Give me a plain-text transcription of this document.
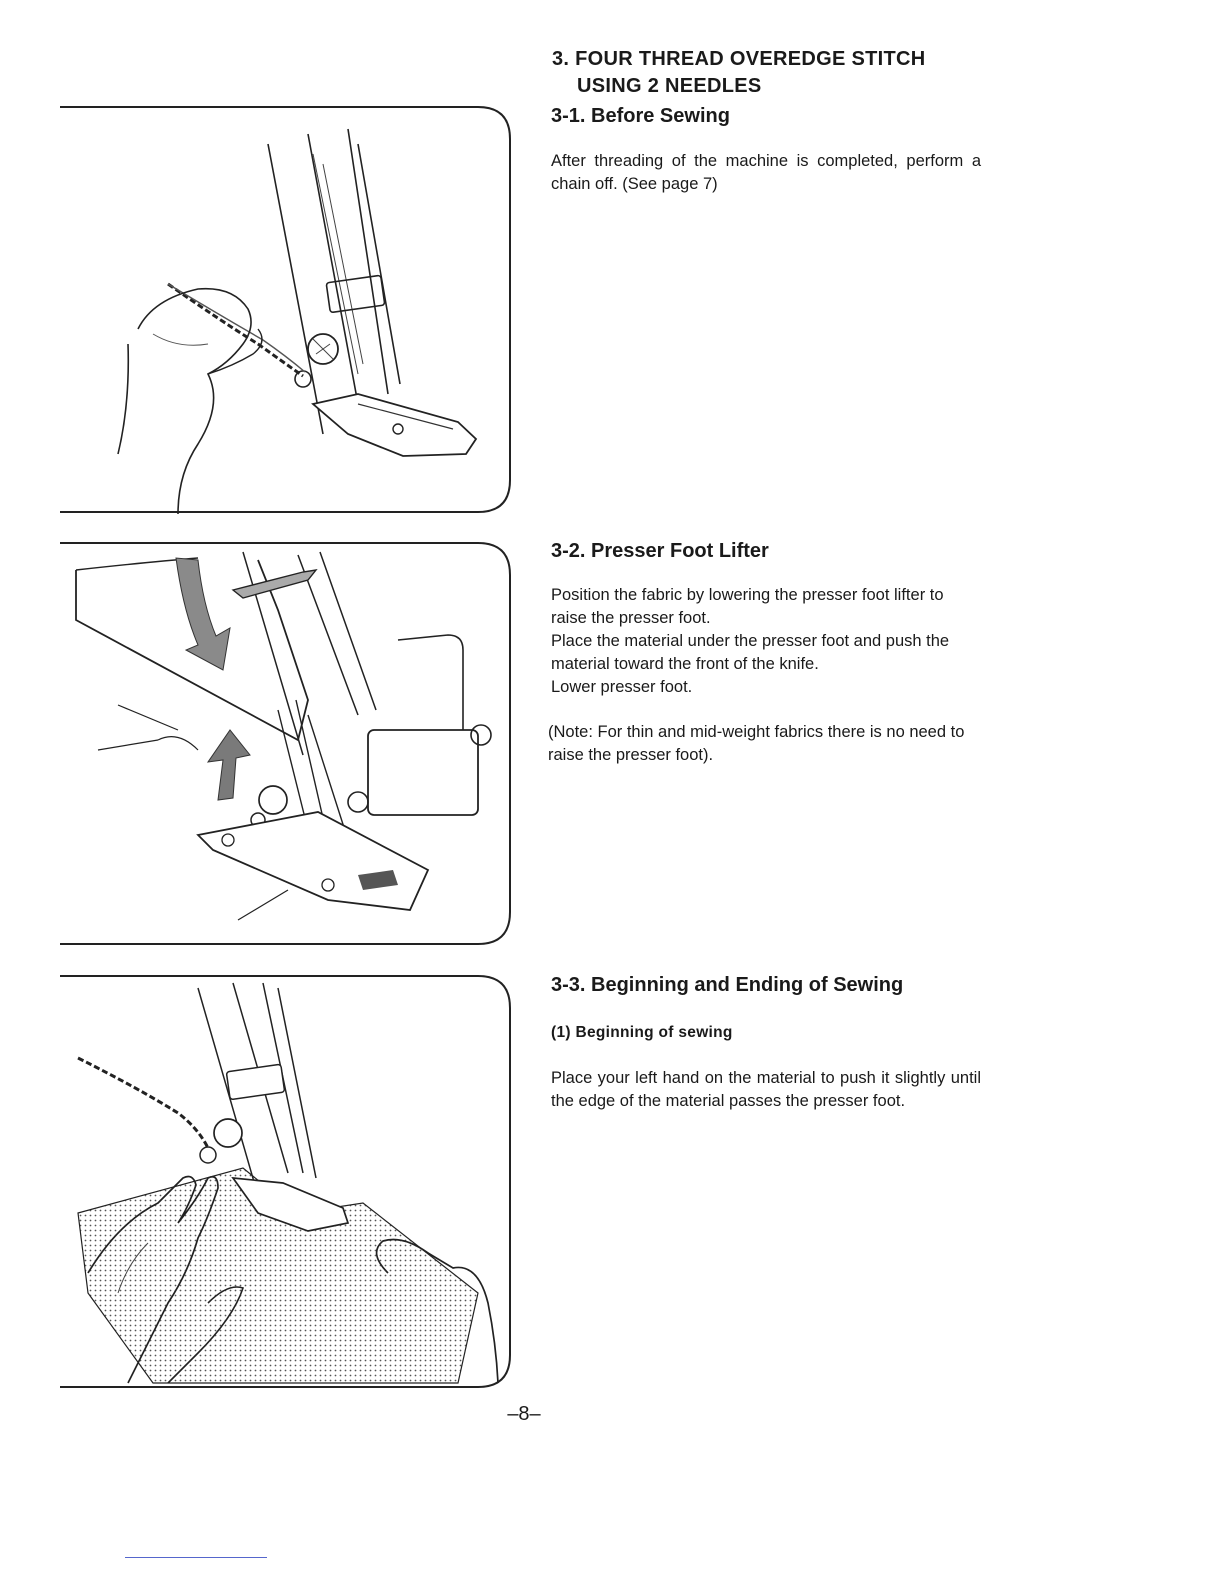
3. FOUR THREAD OVEREDGE STITCH
USING 2 NEEDLES
3-1. Before Sewing

After threading of the machine is completed, perform a chain off. (See page 7)

3-2. Presser Foot Lifter

Position the fabric by lowering the presser foot lifter to raise the presser foot.

Place the material under the presser foot and push the material toward the front of the knife.

Lower presser foot.

(Note: For thin and mid-weight fabrics there is no need to raise the presser foot).

3-3. Beginning and Ending of Sewing
(1) Beginning of sewing

Place your left hand on the material to push it slightly until the edge of the material passes the presser foot.

–8–
